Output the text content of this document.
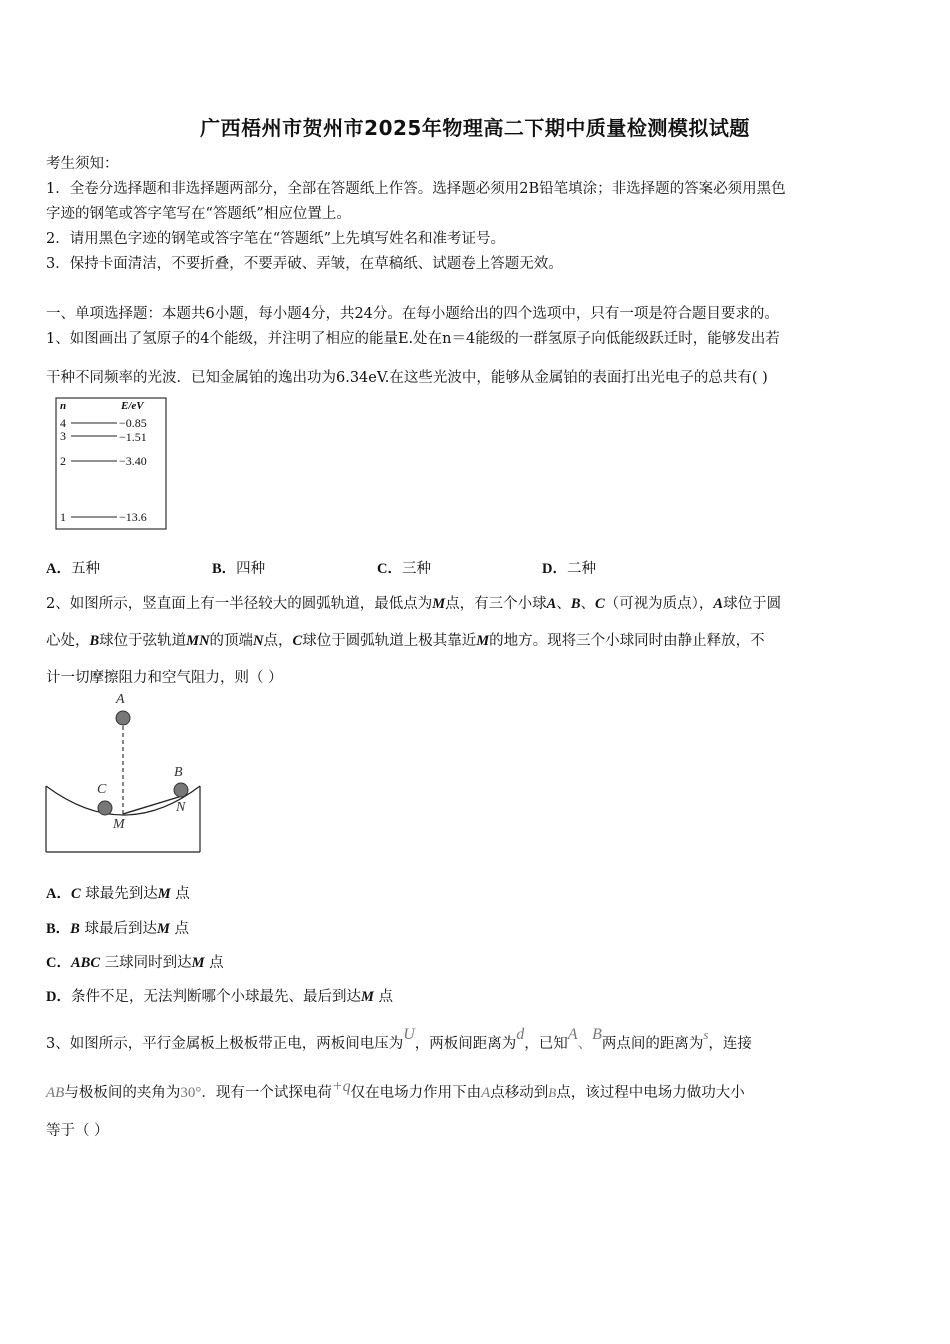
广西梧州市贺州市2025年物理高二下期中质量检测模拟试题
考生须知：
1．全卷分选择题和非选择题两部分，全部在答题纸上作答。选择题必须用2B铅笔填涂；非选择题的答案必须用黑色
字迹的钢笔或答字笔写在“答题纸”相应位置上。
2．请用黑色字迹的钢笔或答字笔在“答题纸”上先填写姓名和准考证号。
3．保持卡面清洁，不要折叠，不要弄破、弄皱，在草稿纸、试题卷上答题无效。
一、单项选择题：本题共6小题，每小题4分，共24分。在每小题给出的四个选项中，只有一项是符合题目要求的。
1、如图画出了氢原子的4个能级，并注明了相应的能量E.处在n＝4能级的一群氢原子向低能级跃迁时，能够发出若
干种不同频率的光波．已知金属铂的逸出功为6.34eV.在这些光波中，能够从金属铂的表面打出光电子的总共有( )
n	E/eV
4	−0.85
3	−1.51
2	−3.40
1	−13.6
A．五种	B．四种	C．三种	D．二种
2、如图所示，竖直面上有一半径较大的圆弧轨道，最低点为M点，有三个小球A、B、C（可视为质点），A球位于圆
心处，B球位于弦轨道MN的顶端N点，C球位于圆弧轨道上极其靠近M的地方。现将三个小球同时由静止释放，不
计一切摩擦阻力和空气阻力，则（ ）
A
C
B
N
M
A．C 球最先到达M 点
B．B 球最后到达M 点
C．ABC 三球同时到达M 点
D．条件不足，无法判断哪个小球最先、最后到达M 点
3、如图所示，平行金属板上极板带正电，两板间电压为U，两板间距离为d，已知A、B两点间的距离为s，连接
AB与极板间的夹角为30°．现有一个试探电荷+q仅在电场力作用下由A点移动到B点，该过程中电场力做功大小
等于（ ）
